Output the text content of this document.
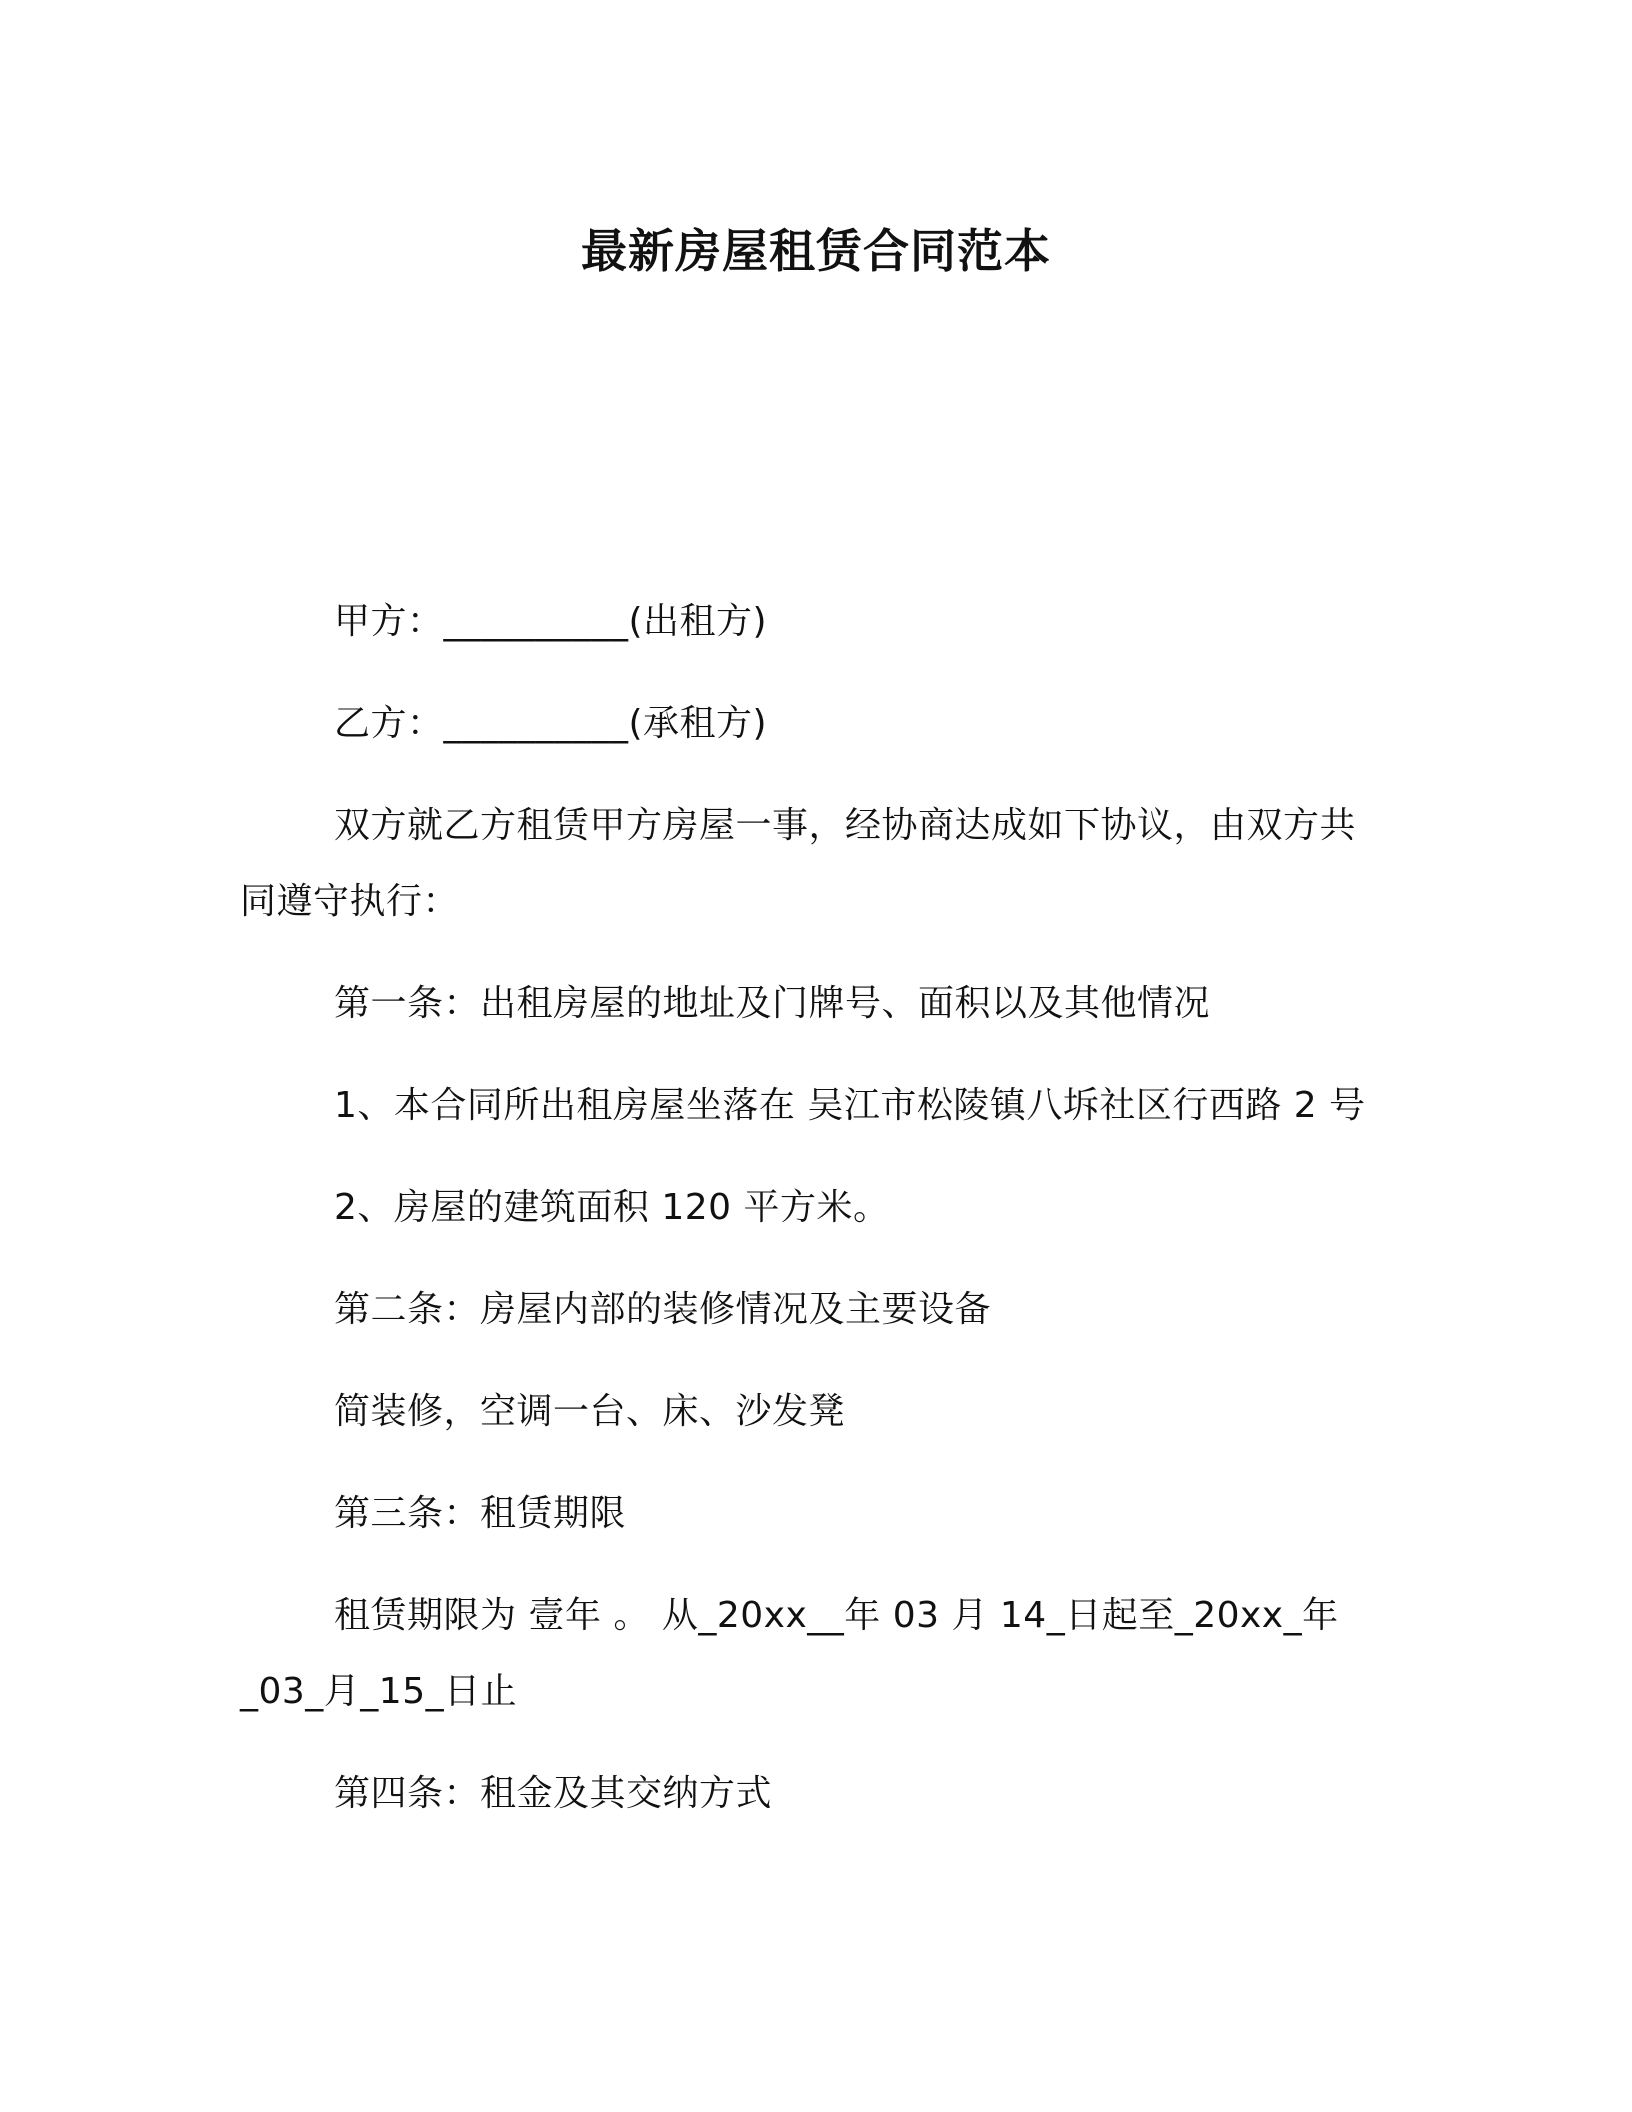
最新房屋租赁合同范本
甲方：__________(出租方)
乙方：__________(承租方)
双方就乙方租赁甲方房屋一事，经协商达成如下协议，由双方共
同遵守执行：
第一条：出租房屋的地址及门牌号、面积以及其他情况
1、本合同所出租房屋坐落在 吴江市松陵镇八坼社区行西路 2 号
2、房屋的建筑面积 120 平方米。
第二条：房屋内部的装修情况及主要设备
简装修，空调一台、床、沙发凳
第三条：租赁期限
租赁期限为 壹年 。 从_20xx__年 03 月 14_日起至_20xx_年
_03_月_15_日止
第四条：租金及其交纳方式
